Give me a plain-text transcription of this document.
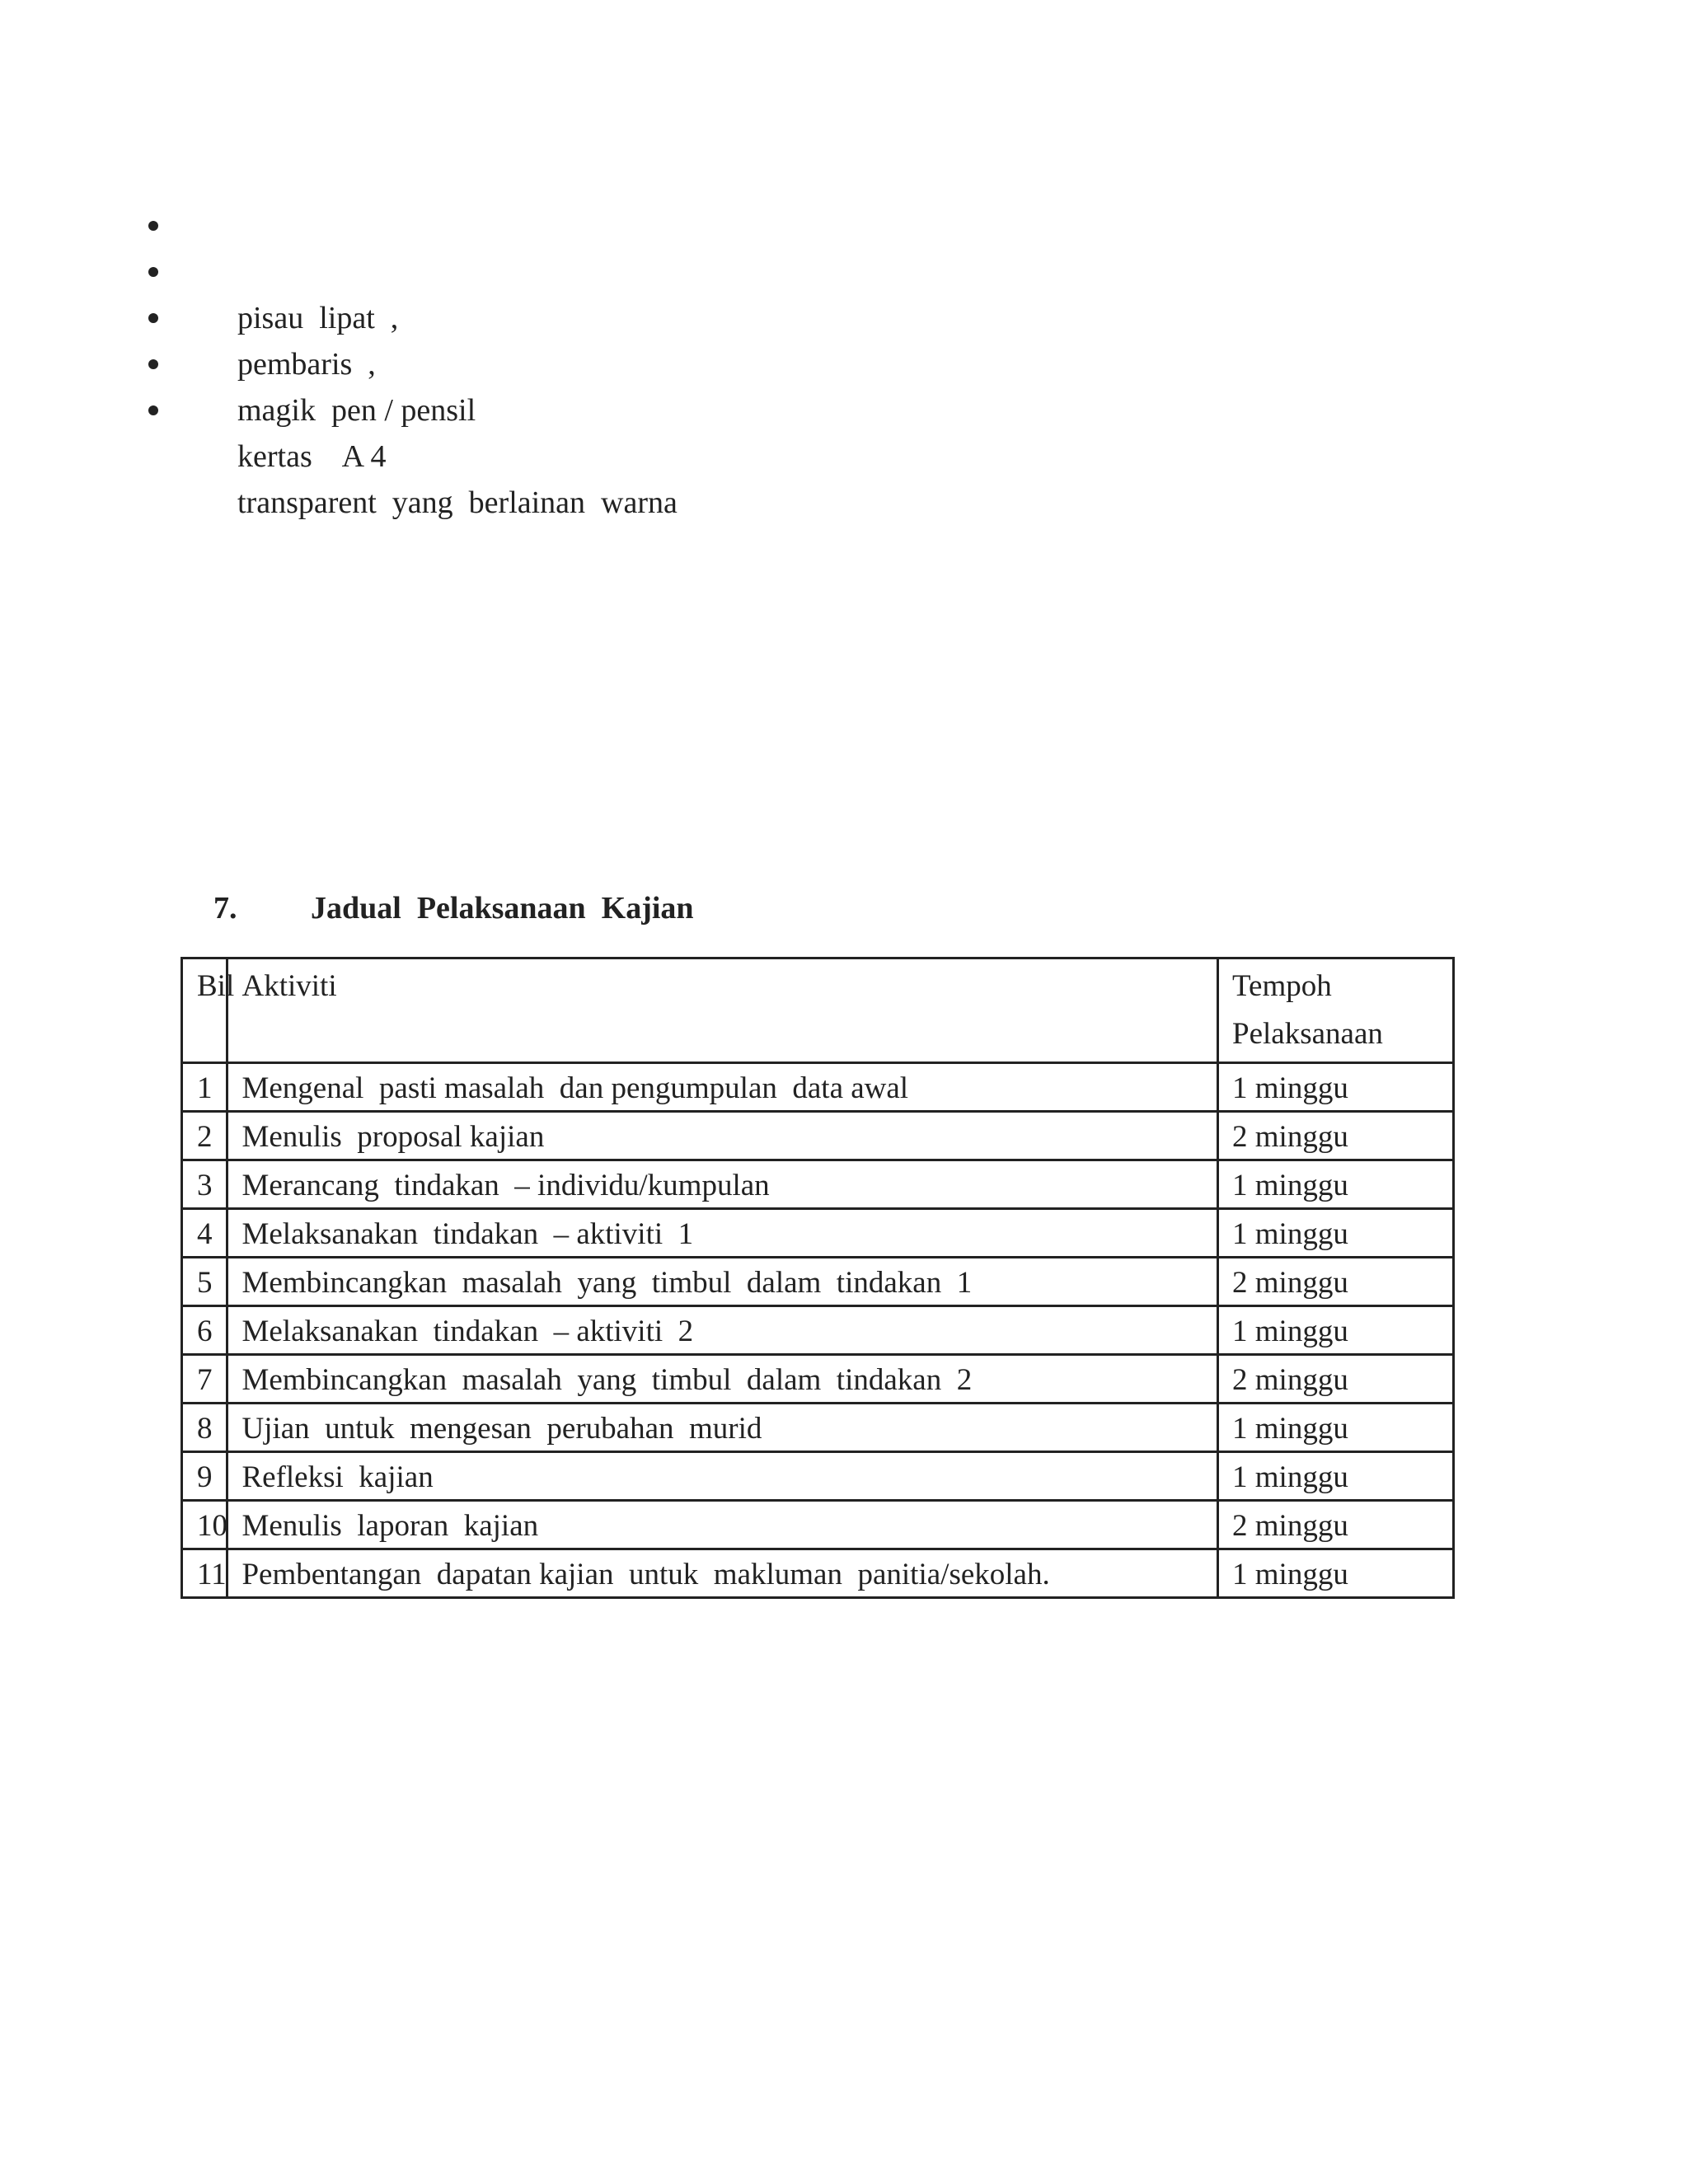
pisau  lipat  ,

pembaris  ,

magik  pen / pensil

kertas    A 4

transparent  yang  berlainan  warna

7. Jadual  Pelaksanaan  Kajian

Bil	Aktiviti	Tempoh
Pelaksanaan
1	Mengenal  pasti masalah  dan pengumpulan  data awal	1 minggu
2	Menulis  proposal kajian	2 minggu
3	Merancang  tindakan  – individu/kumpulan	1 minggu
4	Melaksanakan  tindakan  – aktiviti  1	1 minggu
5	Membincangkan  masalah  yang  timbul  dalam  tindakan  1	2 minggu
6	Melaksanakan  tindakan  – aktiviti  2	1 minggu
7	Membincangkan  masalah  yang  timbul  dalam  tindakan  2	2 minggu
8	Ujian  untuk  mengesan  perubahan  murid	1 minggu
9	Refleksi  kajian	1 minggu
10	Menulis  laporan  kajian	2 minggu
11	Pembentangan  dapatan kajian  untuk  makluman  panitia/sekolah.	1 minggu
